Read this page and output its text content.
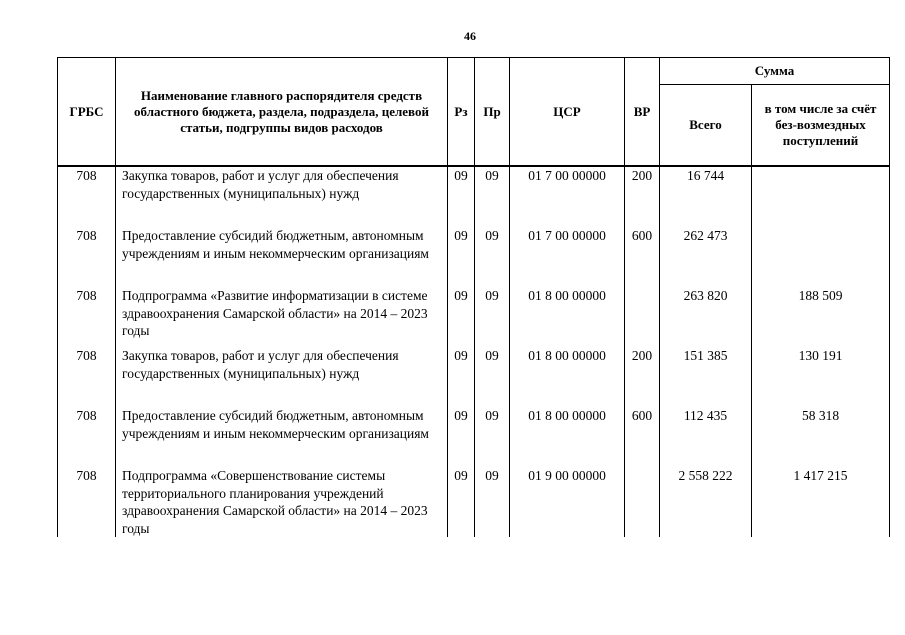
46
ГРБС	Наименование главного распорядителя средств областного бюджета, раздела, подраздела, целевой статьи, подгруппы видов расходов	Рз	Пр	ЦСР	ВР	Сумма	
						Всего	в том числе за счёт без-возмездных поступлений
708	Закупка товаров, работ и услуг для обеспечения государственных (муниципальных) нужд	09	09	01 7 00 00000	200	16 744	
708	Предоставление субсидий бюджетным, автономным учреждениям и иным некоммерческим организациям	09	09	01 7 00 00000	600	262 473	
708	Подпрограмма «Развитие информатизации в системе здравоохранения Самарской области» на 2014 – 2023 годы	09	09	01 8 00 00000		263 820	188 509
708	Закупка товаров, работ и услуг для обеспечения государственных (муниципальных) нужд	09	09	01 8 00 00000	200	151 385	130 191
708	Предоставление субсидий бюджетным, автономным учреждениям и иным некоммерческим организациям	09	09	01 8 00 00000	600	112 435	58 318
708	Подпрограмма «Совершенствование системы территориального планирования учреждений здравоохранения Самарской области» на 2014 – 2023 годы	09	09	01 9 00 00000		2 558 222	1 417 215
